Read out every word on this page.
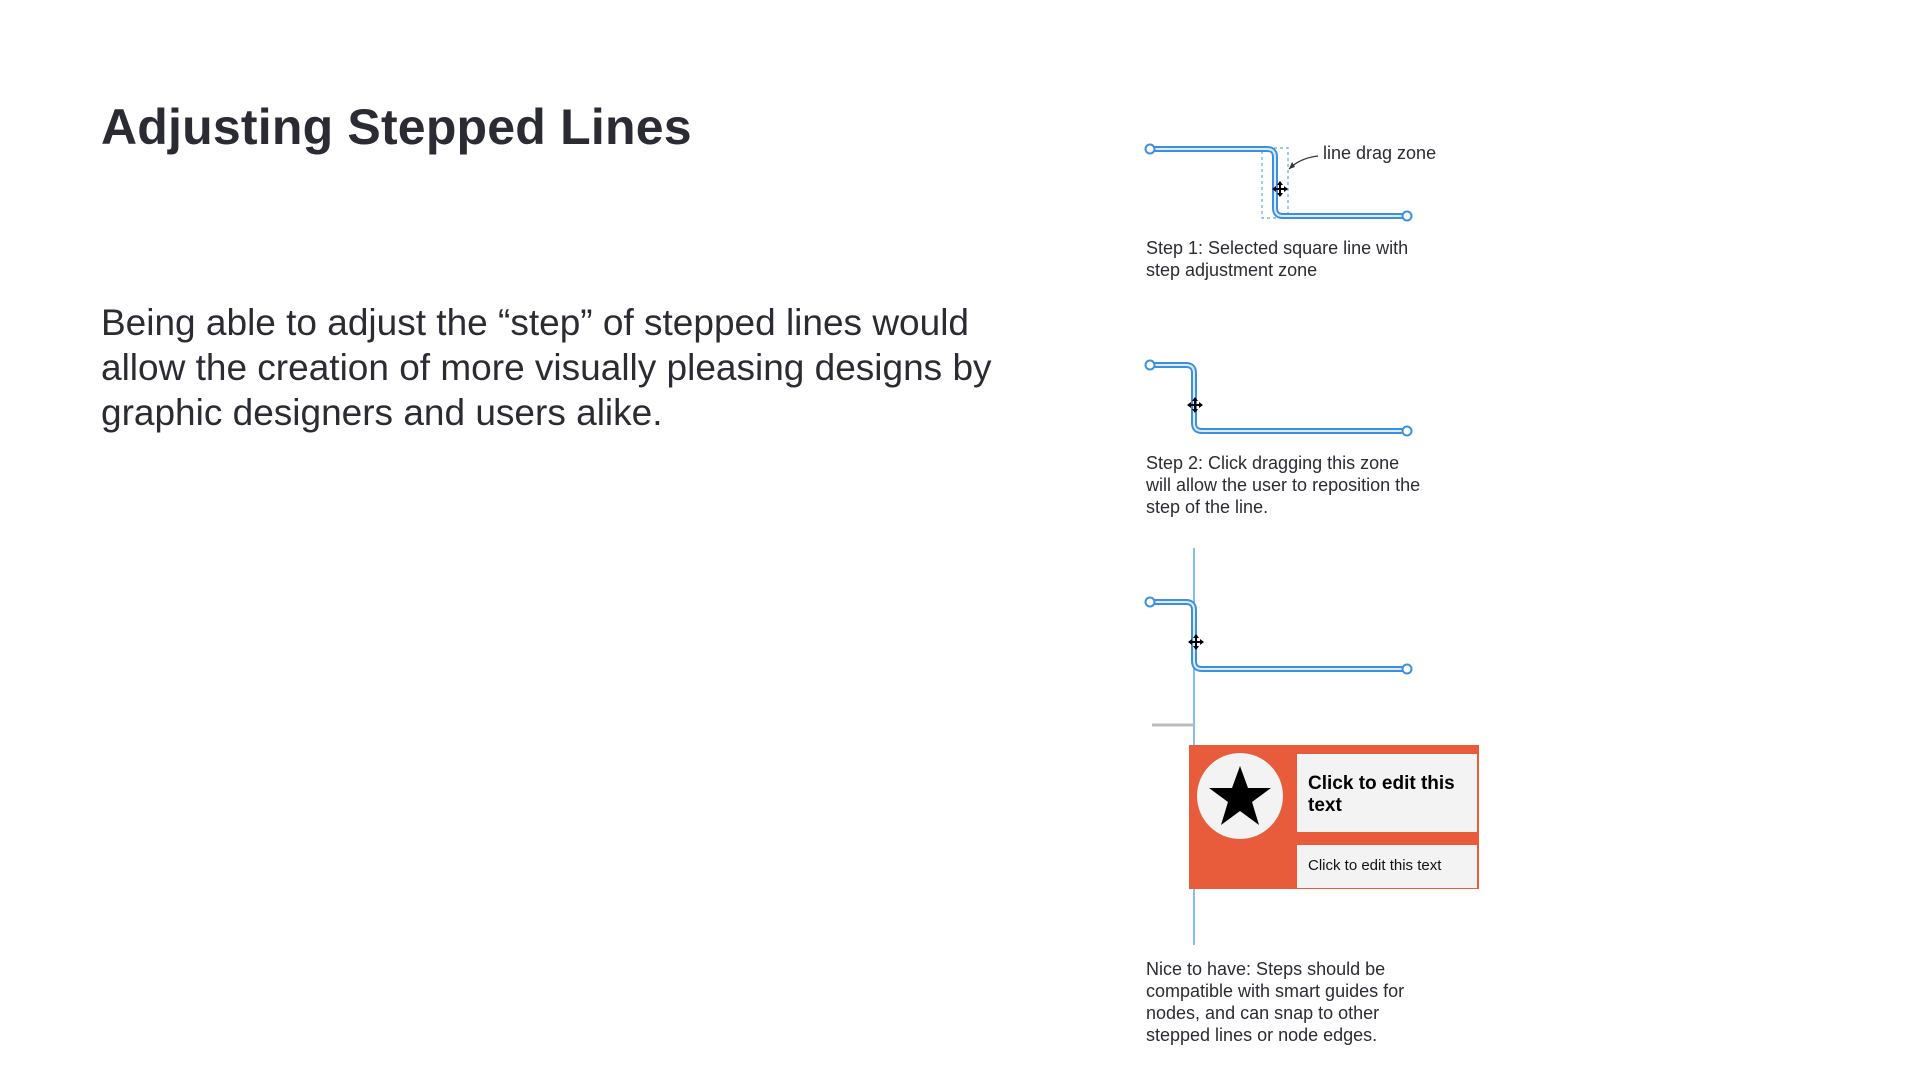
Adjusting Stepped Lines

Being able to adjust the “step” of stepped lines would allow the creation of more visually pleasing designs by graphic designers and users alike.

line drag zone
Step 1: Selected square line with
step adjustment zone
Step 2: Click dragging this zone
will allow the user to reposition the
step of the line.
Nice to have: Steps should be
compatible with smart guides for
nodes, and can snap to other
stepped lines or node edges.
Click to edit this text
Click to edit this text
